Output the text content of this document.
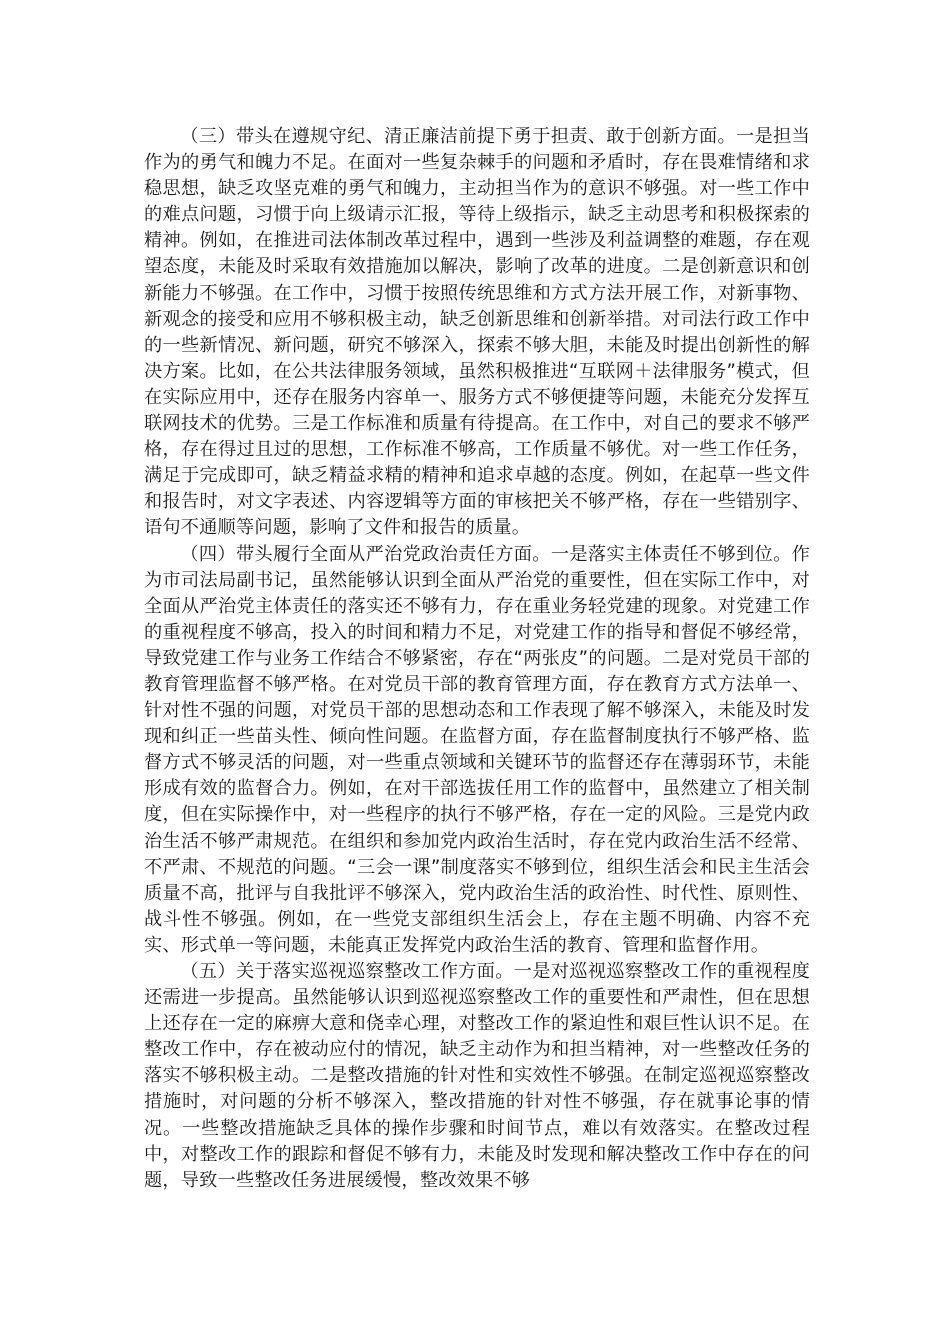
（三）带头在遵规守纪、清正廉洁前提下勇于担责、敢于创新方面。一是担当作为的勇气和魄力不足。在面对一些复杂棘手的问题和矛盾时，存在畏难情绪和求稳思想，缺乏攻坚克难的勇气和魄力，主动担当作为的意识不够强。对一些工作中的难点问题，习惯于向上级请示汇报，等待上级指示，缺乏主动思考和积极探索的精神。例如，在推进司法体制改革过程中，遇到一些涉及利益调整的难题，存在观望态度，未能及时采取有效措施加以解决，影响了改革的进度。二是创新意识和创新能力不够强。在工作中，习惯于按照传统思维和方式方法开展工作，对新事物、新观念的接受和应用不够积极主动，缺乏创新思维和创新举措。对司法行政工作中的一些新情况、新问题，研究不够深入，探索不够大胆，未能及时提出创新性的解决方案。比如，在公共法律服务领域，虽然积极推进“互联网＋法律服务”模式，但在实际应用中，还存在服务内容单一、服务方式不够便捷等问题，未能充分发挥互联网技术的优势。三是工作标准和质量有待提高。在工作中，对自己的要求不够严格，存在得过且过的思想，工作标准不够高，工作质量不够优。对一些工作任务，满足于完成即可，缺乏精益求精的精神和追求卓越的态度。例如，在起草一些文件和报告时，对文字表述、内容逻辑等方面的审核把关不够严格，存在一些错别字、语句不通顺等问题，影响了文件和报告的质量。

（四）带头履行全面从严治党政治责任方面。一是落实主体责任不够到位。作为市司法局副书记，虽然能够认识到全面从严治党的重要性，但在实际工作中，对全面从严治党主体责任的落实还不够有力，存在重业务轻党建的现象。对党建工作的重视程度不够高，投入的时间和精力不足，对党建工作的指导和督促不够经常，导致党建工作与业务工作结合不够紧密，存在“两张皮”的问题。二是对党员干部的教育管理监督不够严格。在对党员干部的教育管理方面，存在教育方式方法单一、针对性不强的问题，对党员干部的思想动态和工作表现了解不够深入，未能及时发现和纠正一些苗头性、倾向性问题。在监督方面，存在监督制度执行不够严格、监督方式不够灵活的问题，对一些重点领域和关键环节的监督还存在薄弱环节，未能形成有效的监督合力。例如，在对干部选拔任用工作的监督中，虽然建立了相关制度，但在实际操作中，对一些程序的执行不够严格，存在一定的风险。三是党内政治生活不够严肃规范。在组织和参加党内政治生活时，存在党内政治生活不经常、不严肃、不规范的问题。“三会一课”制度落实不够到位，组织生活会和民主生活会质量不高，批评与自我批评不够深入，党内政治生活的政治性、时代性、原则性、战斗性不够强。例如，在一些党支部组织生活会上，存在主题不明确、内容不充实、形式单一等问题，未能真正发挥党内政治生活的教育、管理和监督作用。

（五）关于落实巡视巡察整改工作方面。一是对巡视巡察整改工作的重视程度还需进一步提高。虽然能够认识到巡视巡察整改工作的重要性和严肃性，但在思想上还存在一定的麻痹大意和侥幸心理，对整改工作的紧迫性和艰巨性认识不足。在整改工作中，存在被动应付的情况，缺乏主动作为和担当精神，对一些整改任务的落实不够积极主动。二是整改措施的针对性和实效性不够强。在制定巡视巡察整改措施时，对问题的分析不够深入，整改措施的针对性不够强，存在就事论事的情况。一些整改措施缺乏具体的操作步骤和时间节点，难以有效落实。在整改过程中，对整改工作的跟踪和督促不够有力，未能及时发现和解决整改工作中存在的问题，导致一些整改任务进展缓慢，整改效果不够
